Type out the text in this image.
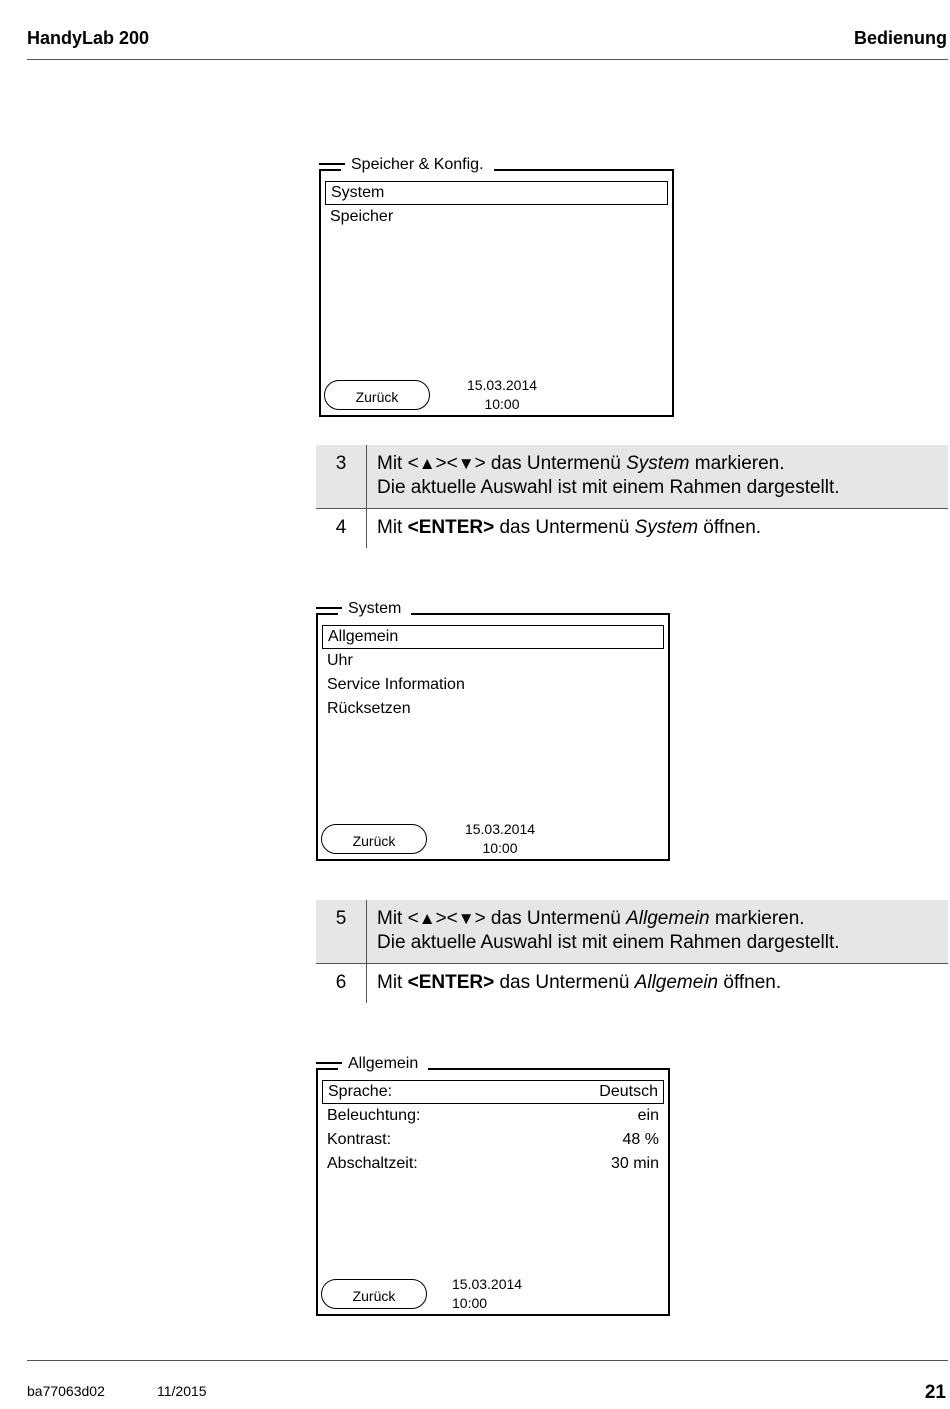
HandyLab 200	Bedienung
Speicher & Konfig.
System
Speicher
Zurück
15.03.2014
10:00
3	Mit <▲><▼> das Untermenü System markieren.
Die aktuelle Auswahl ist mit einem Rahmen dargestellt.
4	Mit <ENTER> das Untermenü System öffnen.
System
Allgemein
Uhr
Service Information
Rücksetzen
Zurück
15.03.2014
10:00
5	Mit <▲><▼> das Untermenü Allgemein markieren.
Die aktuelle Auswahl ist mit einem Rahmen dargestellt.
6	Mit <ENTER> das Untermenü Allgemein öffnen.
Allgemein
Sprache:	Deutsch
Beleuchtung:	ein
Kontrast:	48 %
Abschaltzeit:	30 min
Zurück
15.03.2014
10:00
ba77063d02	11/2015	21
